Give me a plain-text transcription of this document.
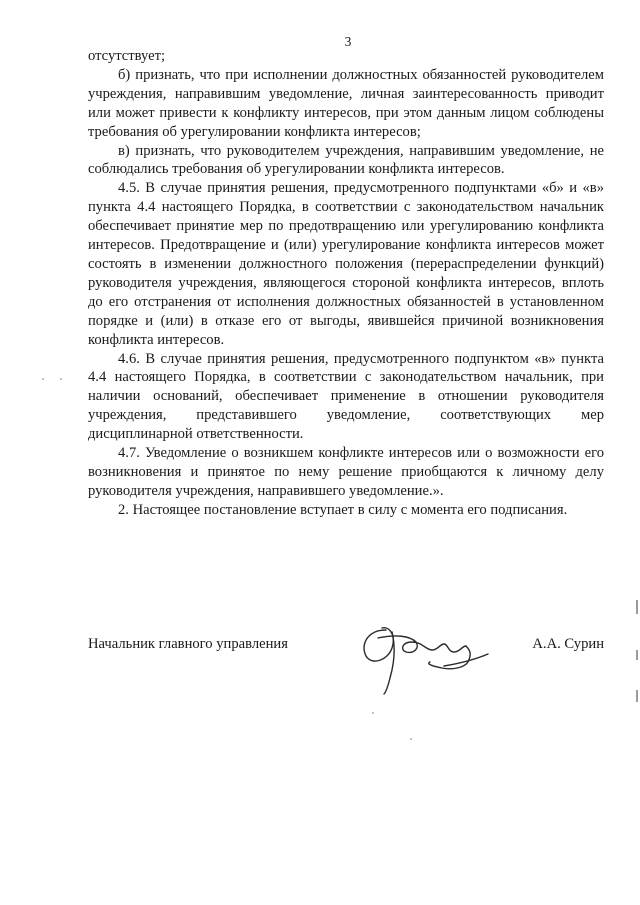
3

отсутствует;

б) признать, что при исполнении должностных обязанностей руководителем учреждения, направившим уведомление, личная заинтересованность приводит или может привести к конфликту интересов, при этом данным лицом соблюдены требования об урегулировании конфликта интересов;

в) признать, что руководителем учреждения, направившим уведомление, не соблюдались требования об урегулировании конфликта интересов.

4.5. В случае принятия решения, предусмотренного подпунктами «б» и «в» пункта 4.4 настоящего Порядка, в соответствии с законодательством начальник обеспечивает принятие мер по предотвращению или урегулированию конфликта интересов. Предотвращение и (или) урегулирование конфликта интересов может состоять в изменении должностного положения (перераспределении функций) руководителя учреждения, являющегося стороной конфликта интересов, вплоть до его отстранения от исполнения должностных обязанностей в установленном порядке и (или) в отказе его от выгоды, явившейся причиной возникновения конфликта интересов.

4.6. В случае принятия решения, предусмотренного подпунктом «в» пункта 4.4 настоящего Порядка, в соответствии с законодательством начальник, при наличии оснований, обеспечивает применение в отношении руководителя учреждения, представившего уведомление, соответствующих мер дисциплинарной ответственности.

4.7. Уведомление о возникшем конфликте интересов или о возможности его возникновения и принятое по нему решение приобщаются к личному делу руководителя учреждения, направившего уведомление.».

2. Настоящее постановление вступает в силу с момента его подписания.

Начальник главного управления	А.А. Сурин
